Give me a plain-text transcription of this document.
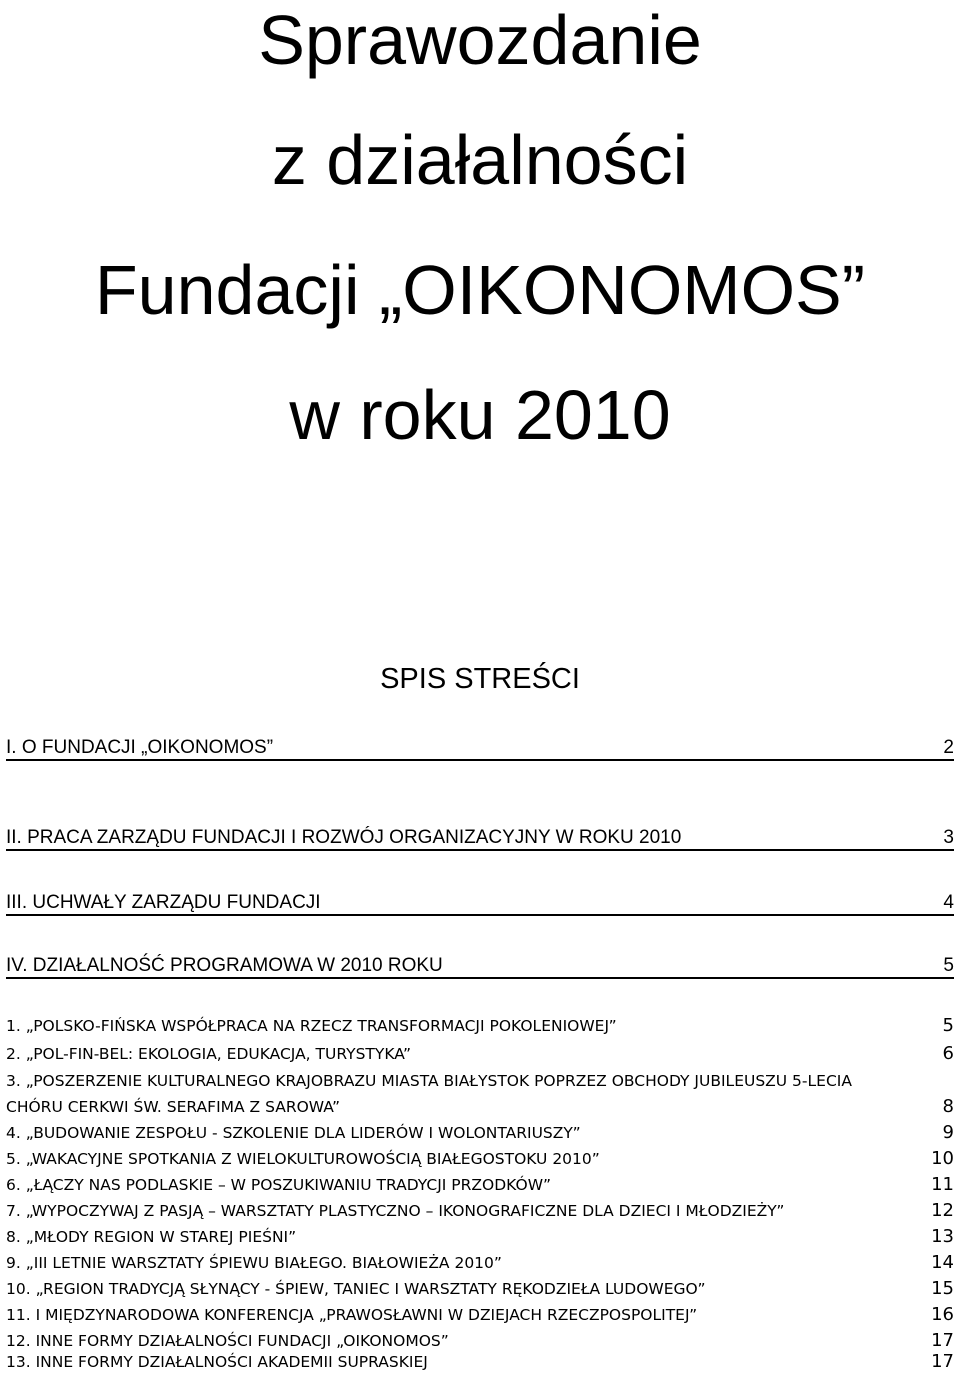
Sprawozdanie
z działalności
Fundacji „OIKONOMOS”
w roku 2010
SPIS STREŚCI
I. O FUNDACJI „OIKONOMOS”	2
II. PRACA ZARZĄDU FUNDACJI I ROZWÓJ ORGANIZACYJNY W ROKU 2010	3
III. UCHWAŁY ZARZĄDU FUNDACJI	4
IV. DZIAŁALNOŚĆ PROGRAMOWA W 2010 ROKU	5
1. „POLSKO-FIŃSKA WSPÓŁPRACA NA RZECZ TRANSFORMACJI POKOLENIOWEJ”	5
2. „POL-FIN-BEL: EKOLOGIA, EDUKACJA, TURYSTYKA”	6
3. „POSZERZENIE KULTURALNEGO KRAJOBRAZU MIASTA BIAŁYSTOK POPRZEZ OBCHODY JUBILEUSZU 5-LECIA
CHÓRU CERKWI ŚW. SERAFIMA Z SAROWA”	8
4. „BUDOWANIE ZESPOŁU - SZKOLENIE DLA LIDERÓW I WOLONTARIUSZY”	9
5. „WAKACYJNE SPOTKANIA Z WIELOKULTUROWOŚCIĄ BIAŁEGOSTOKU 2010”	10
6. „ŁĄCZY NAS PODLASKIE – W POSZUKIWANIU TRADYCJI PRZODKÓW”	11
7. „WYPOCZYWAJ Z PASJĄ – WARSZTATY PLASTYCZNO – IKONOGRAFICZNE DLA DZIECI I MŁODZIEŻY”	12
8. „MŁODY REGION W STAREJ PIEŚNI”	13
9. „III LETNIE WARSZTATY ŚPIEWU BIAŁEGO. BIAŁOWIEŻA 2010”	14
10. „REGION TRADYCJĄ SŁYNĄCY - ŚPIEW, TANIEC I WARSZTATY RĘKODZIEŁA LUDOWEGO”	15
11. I MIĘDZYNARODOWA KONFERENCJA „PRAWOSŁAWNI W DZIEJACH RZECZPOSPOLITEJ”	16
12. INNE FORMY DZIAŁALNOŚCI FUNDACJI „OIKONOMOS”	17
13. INNE FORMY DZIAŁALNOŚCI AKADEMII SUPRASKIEJ	17
